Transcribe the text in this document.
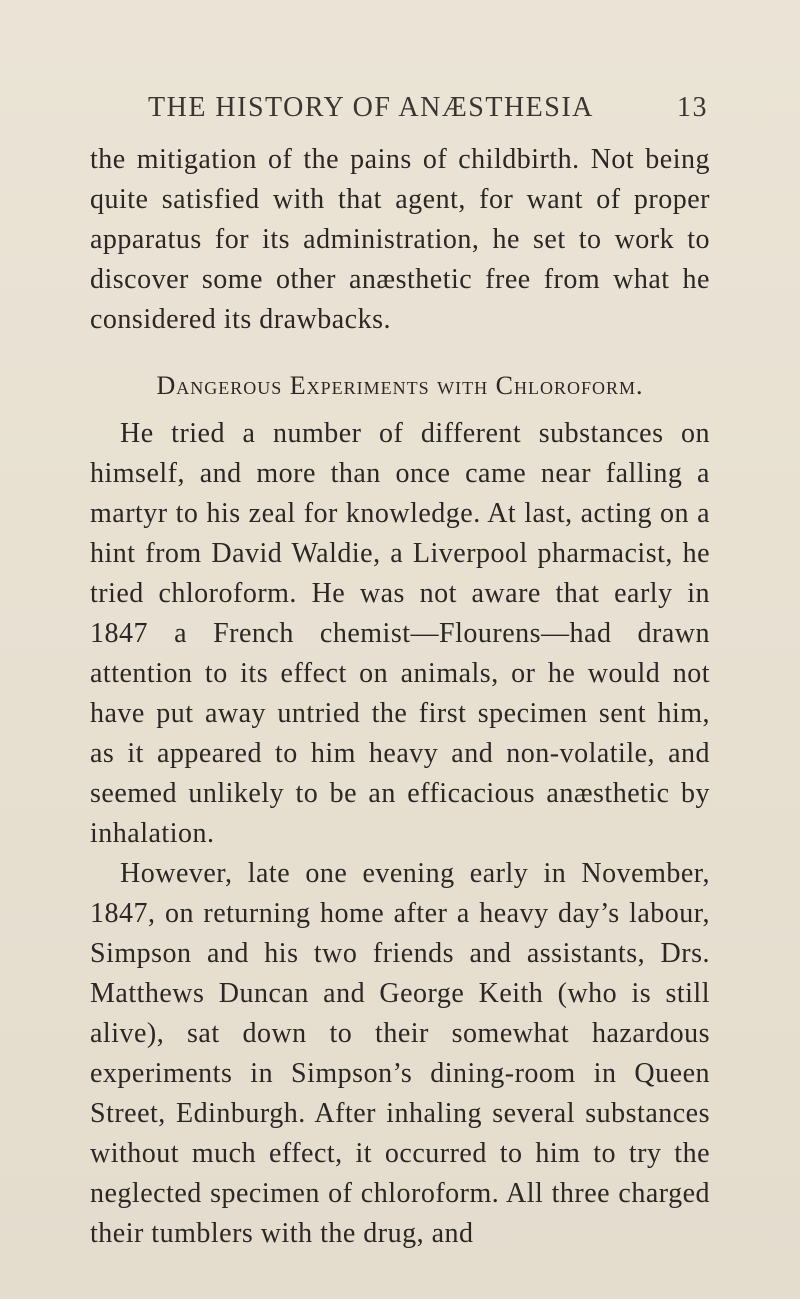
THE HISTORY OF ANÆSTHESIA	13

the mitigation of the pains of childbirth. Not being quite satisfied with that agent, for want of proper apparatus for its administration, he set to work to discover some other anæsthetic free from what he considered its drawbacks.

Dangerous Experiments with Chloroform.

He tried a number of different substances on himself, and more than once came near falling a martyr to his zeal for knowledge. At last, acting on a hint from David Waldie, a Liverpool pharmacist, he tried chloroform. He was not aware that early in 1847 a French chemist—Flourens—had drawn attention to its effect on animals, or he would not have put away untried the first specimen sent him, as it appeared to him heavy and non-volatile, and seemed unlikely to be an efficacious anæsthetic by inhalation.

However, late one evening early in November, 1847, on returning home after a heavy day’s labour, Simpson and his two friends and assistants, Drs. Matthews Duncan and George Keith (who is still alive), sat down to their somewhat hazardous experiments in Simpson’s dining-room in Queen Street, Edinburgh. After inhaling several substances without much effect, it occurred to him to try the neglected specimen of chloroform. All three charged their tumblers with the drug, and
